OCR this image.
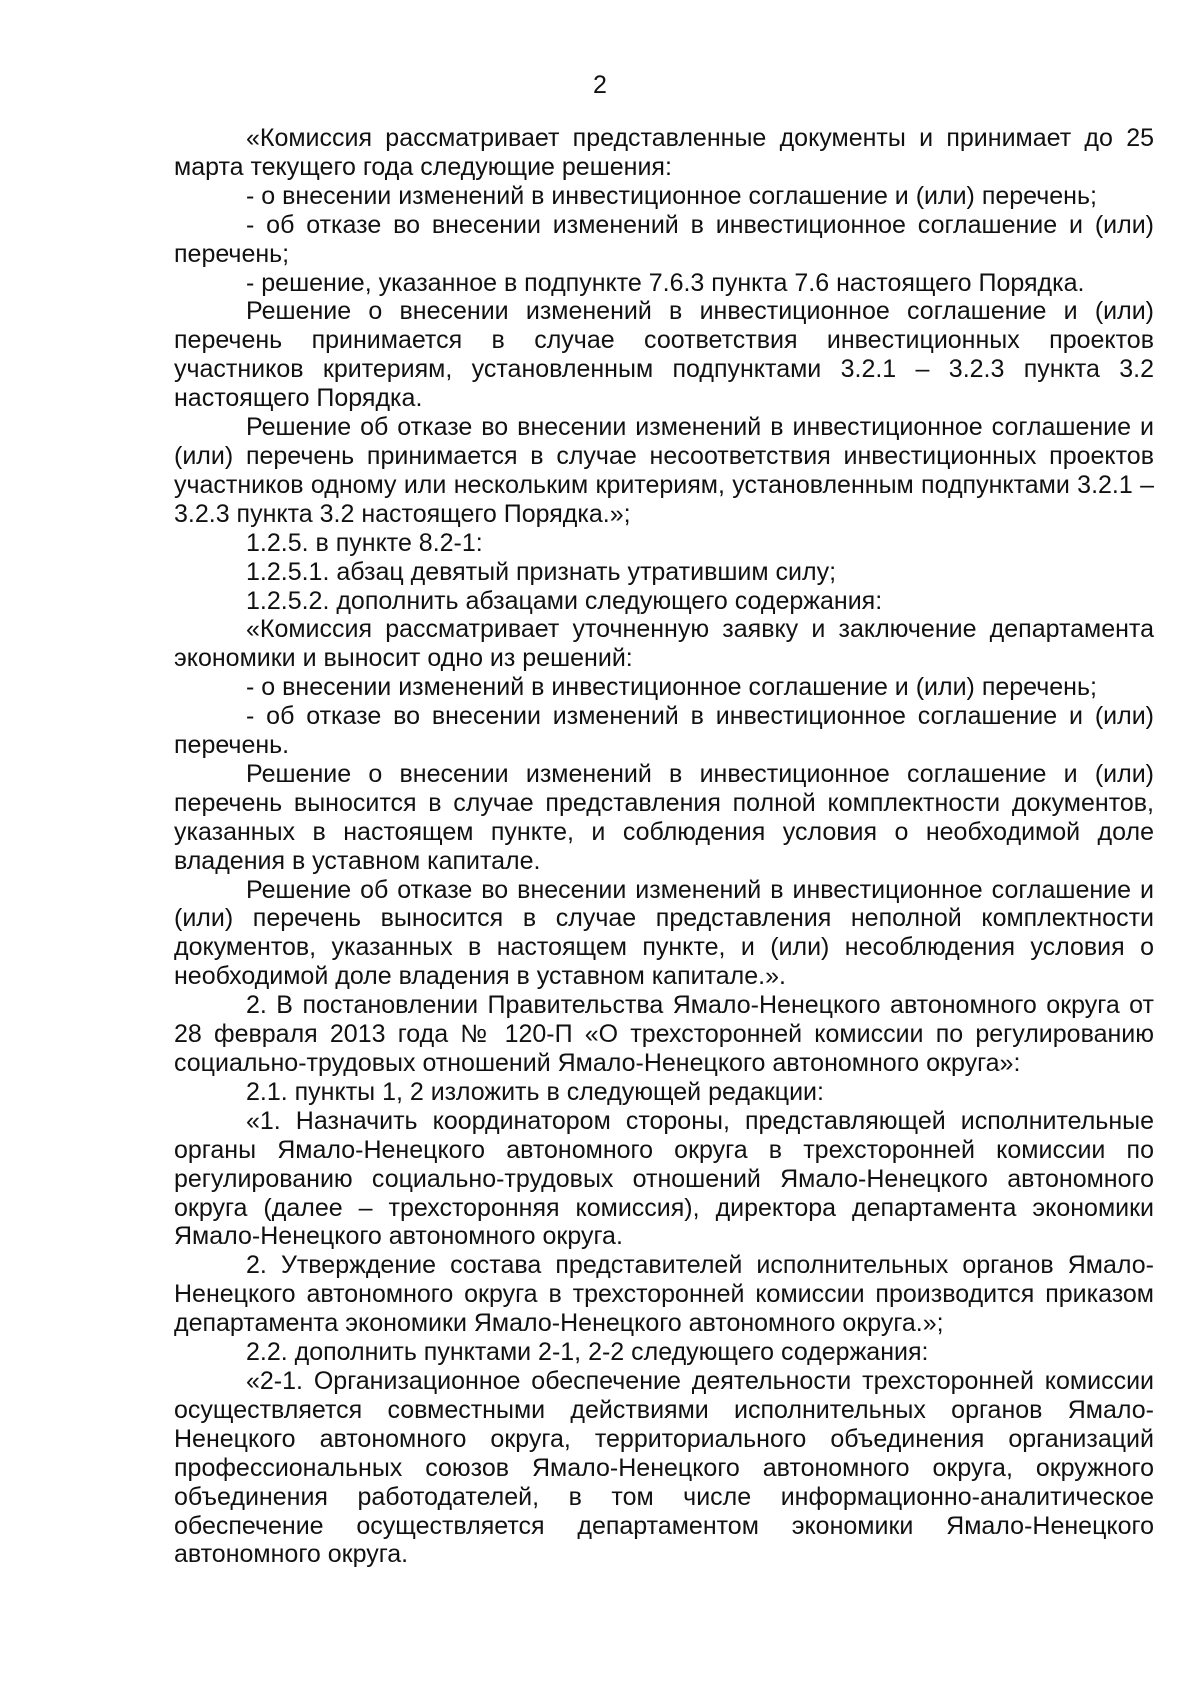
2

«Комиссия рассматривает представленные документы и принимает до 25 марта текущего года следующие решения:

- о внесении изменений в инвестиционное соглашение и (или) перечень;

- об отказе во внесении изменений в инвестиционное соглашение и (или) перечень;

- решение, указанное в подпункте 7.6.3 пункта 7.6 настоящего Порядка.

Решение о внесении изменений в инвестиционное соглашение и (или) перечень принимается в случае соответствия инвестиционных проектов участников критериям, установленным подпунктами 3.2.1 – 3.2.3 пункта 3.2 настоящего Порядка.

Решение об отказе во внесении изменений в инвестиционное соглашение и (или) перечень принимается в случае несоответствия инвестиционных проектов участников одному или нескольким критериям, установленным подпунктами 3.2.1 – 3.2.3 пункта 3.2 настоящего Порядка.»;

1.2.5. в пункте 8.2-1:

1.2.5.1. абзац девятый признать утратившим силу;

1.2.5.2. дополнить абзацами следующего содержания:

«Комиссия рассматривает уточненную заявку и заключение департамента экономики и выносит одно из решений:

- о внесении изменений в инвестиционное соглашение и (или) перечень;

- об отказе во внесении изменений в инвестиционное соглашение и (или) перечень.

Решение о внесении изменений в инвестиционное соглашение и (или) перечень выносится в случае представления полной комплектности документов, указанных в настоящем пункте, и соблюдения условия о необходимой доле владения в уставном капитале.

Решение об отказе во внесении изменений в инвестиционное соглашение и (или) перечень выносится в случае представления неполной комплектности документов, указанных в настоящем пункте, и (или) несоблюдения условия о необходимой доле владения в уставном капитале.».

2. В постановлении Правительства Ямало-Ненецкого автономного округа от 28 февраля 2013 года № 120-П «О трехсторонней комиссии по регулированию социально-трудовых отношений Ямало-Ненецкого автономного округа»:

2.1. пункты 1, 2 изложить в следующей редакции:

«1. Назначить координатором стороны, представляющей исполнительные органы Ямало-Ненецкого автономного округа в трехсторонней комиссии по регулированию социально-трудовых отношений Ямало-Ненецкого автономного округа (далее – трехсторонняя комиссия), директора департамента экономики Ямало-Ненецкого автономного округа.

2. Утверждение состава представителей исполнительных органов Ямало-Ненецкого автономного округа в трехсторонней комиссии производится приказом департамента экономики Ямало-Ненецкого автономного округа.»;

2.2. дополнить пунктами 2-1, 2-2 следующего содержания:

«2-1. Организационное обеспечение деятельности трехсторонней комиссии осуществляется совместными действиями исполнительных органов Ямало-Ненецкого автономного округа, территориального объединения организаций профессиональных союзов Ямало-Ненецкого автономного округа, окружного объединения работодателей, в том числе информационно-аналитическое обеспечение осуществляется департаментом экономики Ямало-Ненецкого автономного округа.
